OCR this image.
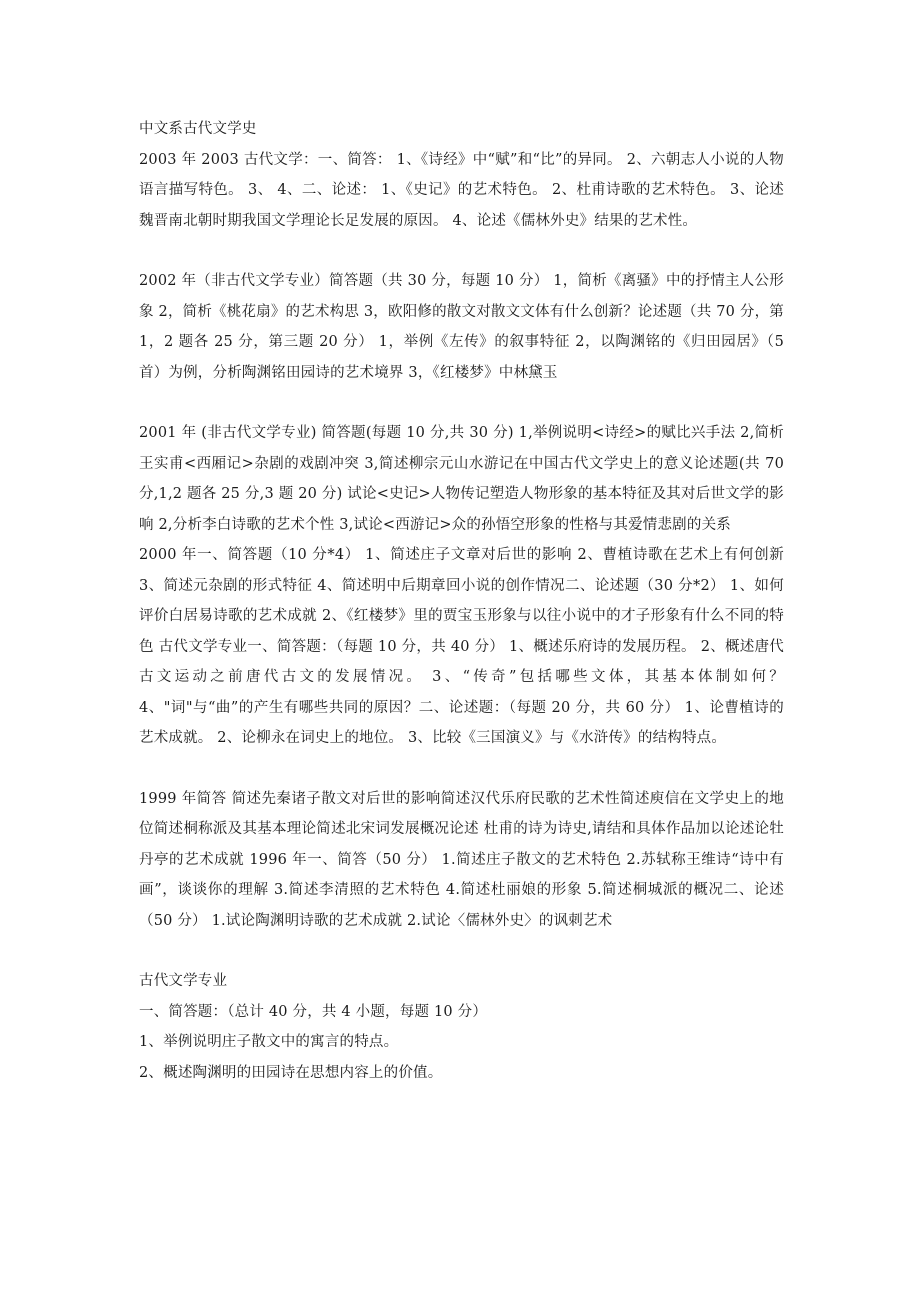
中文系古代文学史

2003 年 2003 古代文学：一、简答： 1、《诗经》中“赋”和“比”的异同。 2、六朝志人小说的人物语言描写特色。 3、 4、二、论述： 1、《史记》的艺术特色。 2、杜甫诗歌的艺术特色。 3、论述魏晋南北朝时期我国文学理论长足发展的原因。 4、论述《儒林外史》结果的艺术性。

2002 年（非古代文学专业）简答题（共 30 分，每题 10 分） 1，简析《离骚》中的抒情主人公形象 2，简析《桃花扇》的艺术构思 3，欧阳修的散文对散文文体有什么创新？论述题（共 70 分，第 1，2 题各 25 分，第三题 20 分） 1，举例《左传》的叙事特征 2，以陶渊铭的《归田园居》（5 首）为例，分析陶渊铭田园诗的艺术境界 3，《红楼梦》中林黛玉

2001 年 (非古代文学专业) 简答题(每题 10 分,共 30 分) 1,举例说明<诗经>的赋比兴手法 2,简析王实甫<西厢记>杂剧的戏剧冲突 3,简述柳宗元山水游记在中国古代文学史上的意义论述题(共 70 分,1,2 题各 25 分,3 题 20 分) 试论<史记>人物传记塑造人物形象的基本特征及其对后世文学的影响 2,分析李白诗歌的艺术个性 3,试论<西游记>众的孙悟空形象的性格与其爱情悲剧的关系

2000 年一、简答题（10 分*4） 1、简述庄子文章对后世的影响 2、曹植诗歌在艺术上有何创新 3、简述元杂剧的形式特征 4、简述明中后期章回小说的创作情况二、论述题（30 分*2） 1、如何评价白居易诗歌的艺术成就 2、《红楼梦》里的贾宝玉形象与以往小说中的才子形象有什么不同的特色 古代文学专业一、简答题：（每题 10 分，共 40 分） 1、概述乐府诗的发展历程。 2、概述唐代古文运动之前唐代古文的发展情况。 3、“传奇”包括哪些文体，其基本体制如何？ 4、"词"与“曲”的产生有哪些共同的原因？二、论述题：（每题 20 分，共 60 分） 1、论曹植诗的艺术成就。 2、论柳永在词史上的地位。 3、比较《三国演义》与《水浒传》的结构特点。

1999 年简答 简述先秦诸子散文对后世的影响简述汉代乐府民歌的艺术性简述庾信在文学史上的地位简述桐称派及其基本理论简述北宋词发展概况论述 杜甫的诗为诗史,请结和具体作品加以论述论牡丹亭的艺术成就 1996 年一、简答（50 分） 1.简述庄子散文的艺术特色 2.苏轼称王维诗“诗中有画”，谈谈你的理解 3.简述李清照的艺术特色 4.简述杜丽娘的形象 5.简述桐城派的概况二、论述（50 分） 1.试论陶渊明诗歌的艺术成就 2.试论〈儒林外史〉的讽刺艺术

古代文学专业

一、简答题：（总计 40 分，共 4 小题，每题 10 分）

1、举例说明庄子散文中的寓言的特点。

2、概述陶渊明的田园诗在思想内容上的价值。
